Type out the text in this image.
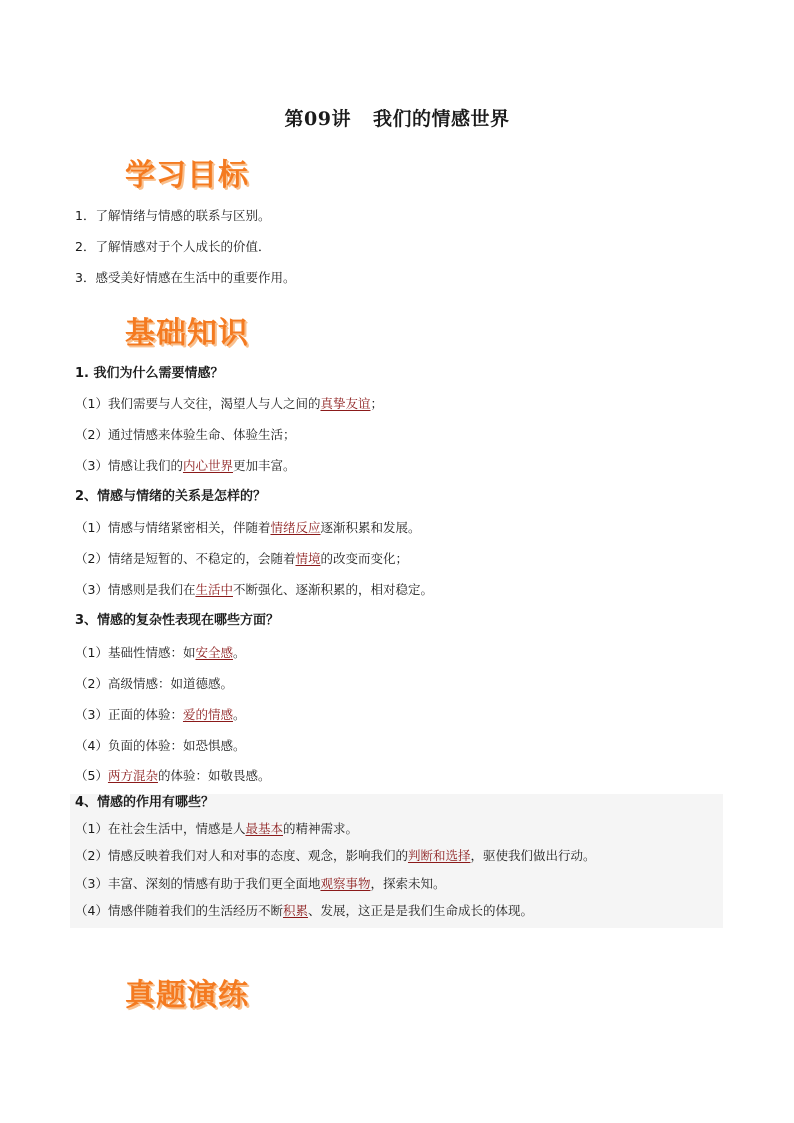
第09讲 我们的情感世界
学习目标
1．了解情绪与情感的联系与区别。
2．了解情感对于个人成长的价值．
3．感受美好情感在生活中的重要作用。
基础知识
1. 我们为什么需要情感？
（1）我们需要与人交往，渴望人与人之间的真挚友谊；
（2）通过情感来体验生命、体验生活；
（3）情感让我们的内心世界更加丰富。
2、情感与情绪的关系是怎样的？
（1）情感与情绪紧密相关，伴随着情绪反应逐渐积累和发展。
（2）情绪是短暂的、不稳定的，会随着情境的改变而变化；
（3）情感则是我们在生活中不断强化、逐渐积累的，相对稳定。
3、情感的复杂性表现在哪些方面？
（1）基础性情感：如安全感。
（2）高级情感：如道德感。
（3）正面的体验：爱的情感。
（4）负面的体验：如恐惧感。
（5）两方混杂的体验：如敬畏感。
4、情感的作用有哪些？
（1）在社会生活中，情感是人最基本的精神需求。
（2）情感反映着我们对人和对事的态度、观念，影响我们的判断和选择，驱使我们做出行动。
（3）丰富、深刻的情感有助于我们更全面地观察事物，探索未知。
（4）情感伴随着我们的生活经历不断积累、发展，这正是是我们生命成长的体现。
真题演练
